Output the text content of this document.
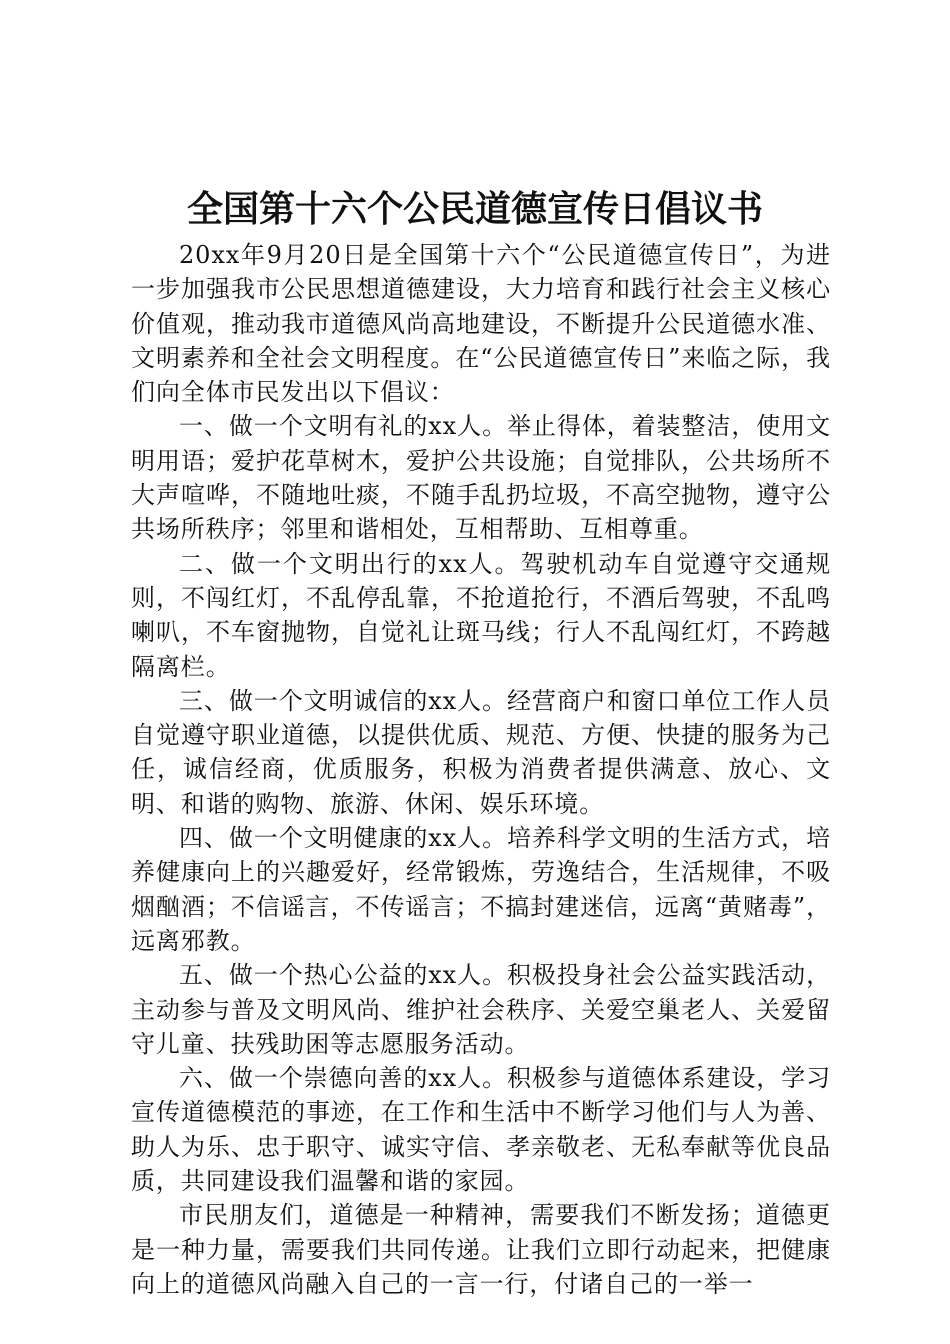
全国第十六个公民道德宣传日倡议书

20xx年9月20日是全国第十六个“公民道德宣传日”，为进一步加强我市公民思想道德建设，大力培育和践行社会主义核心价值观，推动我市道德风尚高地建设，不断提升公民道德水准、文明素养和全社会文明程度。在“公民道德宣传日”来临之际，我们向全体市民发出以下倡议：

一、做一个文明有礼的xx人。举止得体，着装整洁，使用文明用语；爱护花草树木，爱护公共设施；自觉排队，公共场所不大声喧哗，不随地吐痰，不随手乱扔垃圾，不高空抛物，遵守公共场所秩序；邻里和谐相处，互相帮助、互相尊重。

二、做一个文明出行的xx人。驾驶机动车自觉遵守交通规则，不闯红灯，不乱停乱靠，不抢道抢行，不酒后驾驶，不乱鸣喇叭，不车窗抛物，自觉礼让斑马线；行人不乱闯红灯，不跨越隔离栏。

三、做一个文明诚信的xx人。经营商户和窗口单位工作人员自觉遵守职业道德，以提供优质、规范、方便、快捷的服务为己任，诚信经商，优质服务，积极为消费者提供满意、放心、文明、和谐的购物、旅游、休闲、娱乐环境。

四、做一个文明健康的xx人。培养科学文明的生活方式，培养健康向上的兴趣爱好，经常锻炼，劳逸结合，生活规律，不吸烟酗酒；不信谣言，不传谣言；不搞封建迷信，远离“黄赌毒”，远离邪教。

五、做一个热心公益的xx人。积极投身社会公益实践活动，主动参与普及文明风尚、维护社会秩序、关爱空巢老人、关爱留守儿童、扶残助困等志愿服务活动。

六、做一个崇德向善的xx人。积极参与道德体系建设，学习宣传道德模范的事迹，在工作和生活中不断学习他们与人为善、助人为乐、忠于职守、诚实守信、孝亲敬老、无私奉献等优良品质，共同建设我们温馨和谐的家园。

市民朋友们，道德是一种精神，需要我们不断发扬；道德更是一种力量，需要我们共同传递。让我们立即行动起来，把健康向上的道德风尚融入自己的一言一行，付诸自己的一举一
